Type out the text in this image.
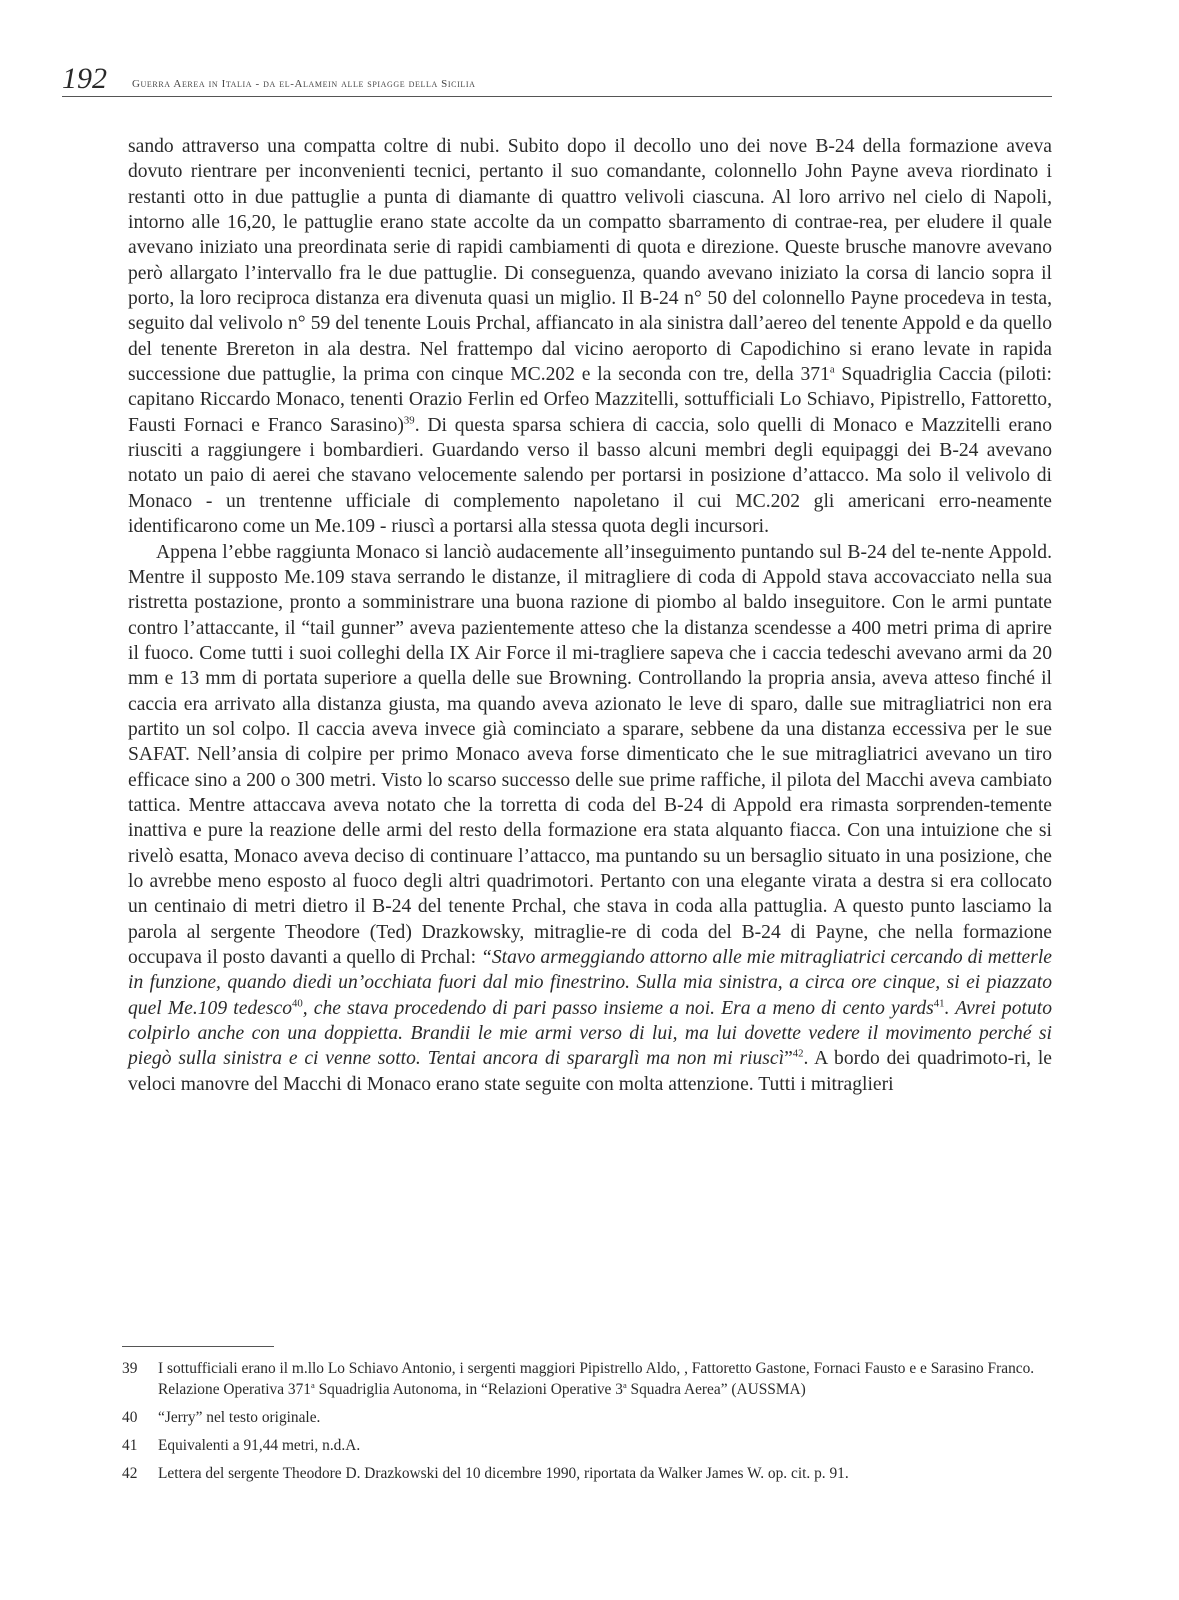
192 Guerra Aerea in Italia - da el-Alamein alle spiagge della Sicilia

sando attraverso una compatta coltre di nubi. Subito dopo il decollo uno dei nove B-24 della formazione aveva dovuto rientrare per inconvenienti tecnici, pertanto il suo comandante, colonnello John Payne aveva riordinato i restanti otto in due pattuglie a punta di diamante di quattro velivoli ciascuna. Al loro arrivo nel cielo di Napoli, intorno alle 16,20, le pattuglie erano state accolte da un compatto sbarramento di contrae-rea, per eludere il quale avevano iniziato una preordinata serie di rapidi cambiamenti di quota e direzione. Queste brusche manovre avevano però allargato l’intervallo fra le due pattuglie. Di conseguenza, quando avevano iniziato la corsa di lancio sopra il porto, la loro reciproca distanza era divenuta quasi un miglio. Il B-24 n° 50 del colonnello Payne procedeva in testa, seguito dal velivolo n° 59 del tenente Louis Prchal, affiancato in ala sinistra dall’aereo del tenente Appold e da quello del tenente Brereton in ala destra. Nel frattempo dal vicino aeroporto di Capodichino si erano levate in rapida successione due pattuglie, la prima con cinque MC.202 e la seconda con tre, della 371$^a$ Squadriglia Caccia (piloti: capitano Riccardo Monaco, tenenti Orazio Ferlin ed Orfeo Mazzitelli, sottufficiali Lo Schiavo, Pipistrello, Fattoretto, Fausti Fornaci e Franco Sarasino)$^{39}$. Di questa sparsa schiera di caccia, solo quelli di Monaco e Mazzitelli erano riusciti a raggiungere i bombardieri. Guardando verso il basso alcuni membri degli equipaggi dei B-24 avevano notato un paio di aerei che stavano velocemente salendo per portarsi in posizione d’attacco. Ma solo il velivolo di Monaco - un trentenne ufficiale di complemento napoletano il cui MC.202 gli americani erro-neamente identificarono come un Me.109 - riuscì a portarsi alla stessa quota degli incursori.

Appena l’ebbe raggiunta Monaco si lanciò audacemente all’inseguimento puntando sul B-24 del te-nente Appold. Mentre il supposto Me.109 stava serrando le distanze, il mitragliere di coda di Appold stava accovacciato nella sua ristretta postazione, pronto a somministrare una buona razione di piombo al baldo inseguitore. Con le armi puntate contro l’attaccante, il “tail gunner” aveva pazientemente atteso che la distanza scendesse a 400 metri prima di aprire il fuoco. Come tutti i suoi colleghi della IX Air Force il mi-tragliere sapeva che i caccia tedeschi avevano armi da 20 mm e 13 mm di portata superiore a quella delle sue Browning. Controllando la propria ansia, aveva atteso finché il caccia era arrivato alla distanza giusta, ma quando aveva azionato le leve di sparo, dalle sue mitragliatrici non era partito un sol colpo. Il caccia aveva invece già cominciato a sparare, sebbene da una distanza eccessiva per le sue SAFAT. Nell’ansia di colpire per primo Monaco aveva forse dimenticato che le sue mitragliatrici avevano un tiro efficace sino a 200 o 300 metri. Visto lo scarso successo delle sue prime raffiche, il pilota del Macchi aveva cambiato tattica. Mentre attaccava aveva notato che la torretta di coda del B-24 di Appold era rimasta sorprenden-temente inattiva e pure la reazione delle armi del resto della formazione era stata alquanto fiacca. Con una intuizione che si rivelò esatta, Monaco aveva deciso di continuare l’attacco, ma puntando su un bersaglio situato in una posizione, che lo avrebbe meno esposto al fuoco degli altri quadrimotori. Pertanto con una elegante virata a destra si era collocato un centinaio di metri dietro il B-24 del tenente Prchal, che stava in coda alla pattuglia. A questo punto lasciamo la parola al sergente Theodore (Ted) Drazkowsky, mitraglie-re di coda del B-24 di Payne, che nella formazione occupava il posto davanti a quello di Prchal: “Stavo armeggiando attorno alle mie mitragliatrici cercando di metterle in funzione, quando diedi un’occhiata fuori dal mio finestrino. Sulla mia sinistra, a circa ore cinque, si ei piazzato quel Me.109 tedesco$^{40}$, che stava procedendo di pari passo insieme a noi. Era a meno di cento yards$^{41}$. Avrei potuto colpirlo anche con una doppietta. Brandii le mie armi verso di lui, ma lui dovette vedere il movimento perché si piegò sulla sinistra e ci venne sotto. Tentai ancora di spararglì ma non mi riuscì”$^{42}$. A bordo dei quadrimoto-ri, le veloci manovre del Macchi di Monaco erano state seguite con molta attenzione. Tutti i mitraglieri

39	I sottufficiali erano il m.llo Lo Schiavo Antonio, i sergenti maggiori Pipistrello Aldo, , Fattoretto Gastone, Fornaci Fausto e e Sarasino Franco. Relazione Operativa 371$^a$ Squadriglia Autonoma, in “Relazioni Operative 3$^a$ Squadra Aerea” (AUSSMA)
40	“Jerry” nel testo originale.
41	Equivalenti a 91,44 metri, n.d.A.
42	Lettera del sergente Theodore D. Drazkowski del 10 dicembre 1990, riportata da Walker James W. op. cit. p. 91.
